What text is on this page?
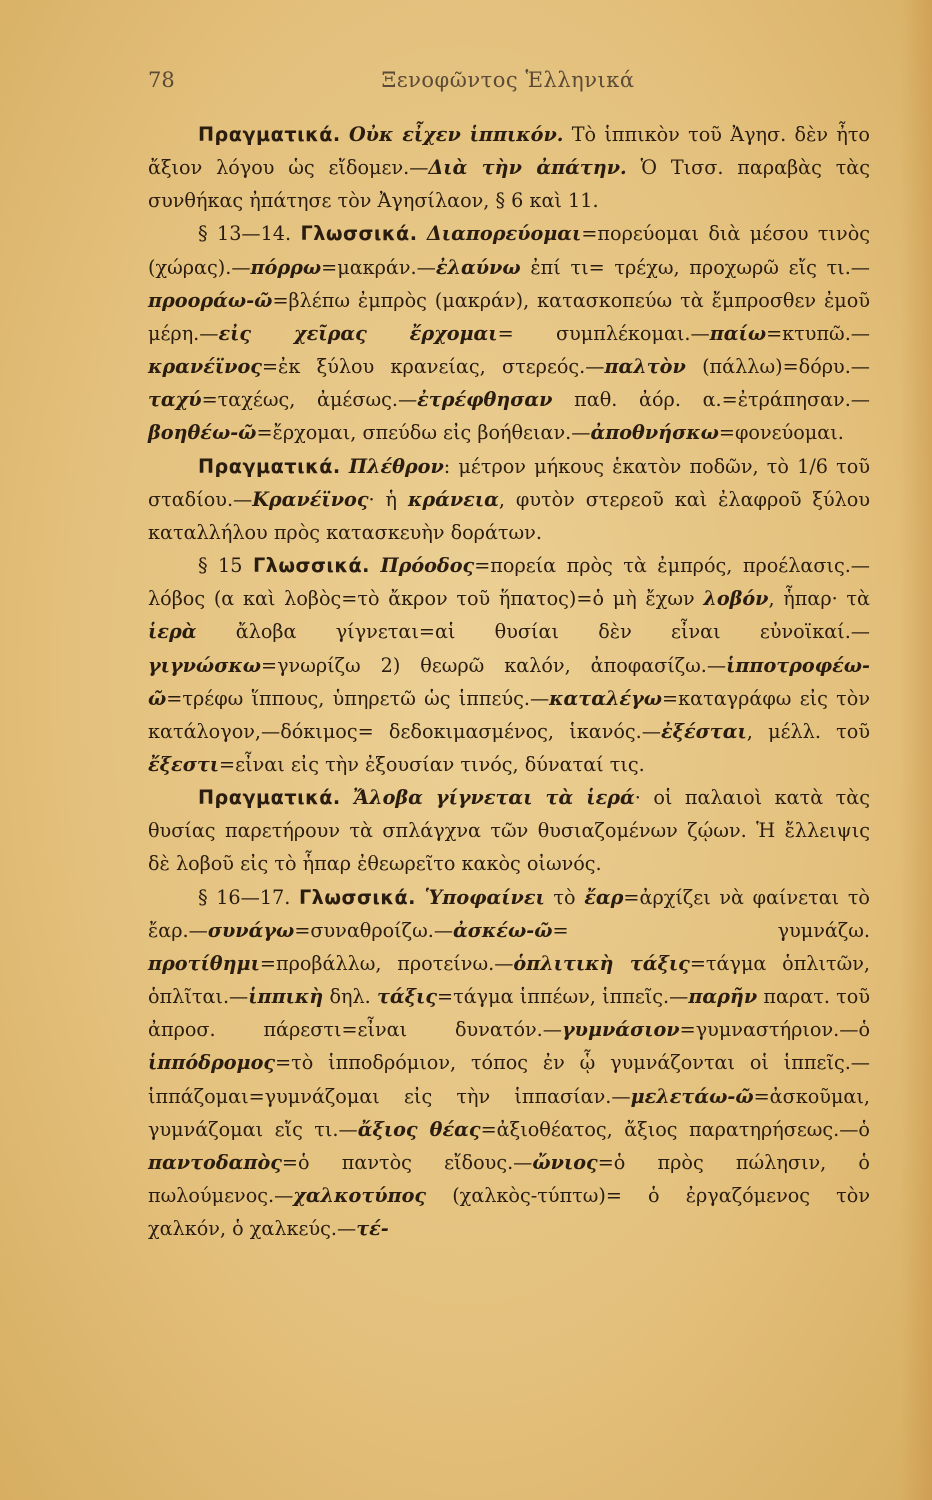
78	Ξενοφῶντος Ἑλληνικά

Πραγματικά. Οὐκ εἶχεν ἱππικόν. Τὸ ἱππικὸν τοῦ Ἀγησ. δὲν ἦτο ἄξιον λόγου ὡς εἴδομεν.—Διὰ τὴν ἀπάτην. Ὁ Τισσ. παραβὰς τὰς συνθήκας ἠπάτησε τὸν Ἀγησίλαον, § 6 καὶ 11.

§ 13—14. Γλωσσικά. Διαπορεύομαι=πορεύομαι διὰ μέσου τινὸς (χώρας).—πόρρω=μακράν.—ἐλαύνω ἐπί τι= τρέχω, προχωρῶ εἴς τι.—προοράω-ῶ=βλέπω ἐμπρὸς (μακράν), κατασκοπεύω τὰ ἔμπροσθεν ἐμοῦ μέρη.—εἰς χεῖρας ἔρχομαι= συμπλέκομαι.—παίω=κτυπῶ.—κρανέϊνος=ἐκ ξύλου κρανείας, στερεός.—παλτὸν (πάλλω)=δόρυ.—ταχύ=ταχέως, ἀμέσως.—ἐτρέφθησαν παθ. ἀόρ. α.=ἐτράπησαν.—βοηθέω-ῶ=ἔρχομαι, σπεύδω εἰς βοήθειαν.—ἀποθνήσκω=φονεύομαι.

Πραγματικά. Πλέθρον: μέτρον μήκους ἑκατὸν ποδῶν, τὸ 1/6 τοῦ σταδίου.—Κρανέϊνος· ἡ κράνεια, φυτὸν στερεοῦ καὶ ἐλαφροῦ ξύλου καταλλήλου πρὸς κατασκευὴν δοράτων.

§ 15 Γλωσσικά. Πρόοδος=πορεία πρὸς τὰ ἐμπρός, προέλασις.—λόβος (α καὶ λοβὸς=τὸ ἄκρον τοῦ ἥπατος)=ὁ μὴ ἔχων λοβόν, ἧπαρ· τὰ ἱερὰ ἄλοβα γίγνεται=αἱ θυσίαι δὲν εἶναι εὐνοϊκαί.—γιγνώσκω=γνωρίζω 2) θεωρῶ καλόν, ἀποφασίζω.—ἱπποτροφέω-ῶ=τρέφω ἵππους, ὑπηρετῶ ὡς ἱππεύς.—καταλέγω=καταγράφω εἰς τὸν κατάλογον,—δόκιμος= δεδοκιμασμένος, ἱκανός.—ἐξέσται, μέλλ. τοῦ ἔξεστι=εἶναι εἰς τὴν ἐξουσίαν τινός, δύναταί τις.

Πραγματικά. Ἄλοβα γίγνεται τὰ ἱερά· οἱ παλαιοὶ κατὰ τὰς θυσίας παρετήρουν τὰ σπλάγχνα τῶν θυσιαζομένων ζῴων. Ἡ ἔλλειψις δὲ λοβοῦ εἰς τὸ ἧπαρ ἐθεωρεῖτο κακὸς οἰωνός.

§ 16—17. Γλωσσικά. Ὑποφαίνει τὸ ἔαρ=ἀρχίζει νὰ φαίνεται τὸ ἔαρ.—συνάγω=συναθροίζω.—ἀσκέω-ῶ= γυμνάζω. προτίθημι=προβάλλω, προτείνω.—ὁπλιτικὴ τάξις=τάγμα ὁπλιτῶν, ὁπλῖται.—ἱππικὴ δηλ. τάξις=τάγμα ἱππέων, ἱππεῖς.—παρῆν παρατ. τοῦ ἀπροσ. πάρεστι=εἶναι δυνατόν.—γυμνάσιον=γυμναστήριον.—ὁ ἱππόδρομος=τὸ ἱπποδρόμιον, τόπος ἐν ᾧ γυμνάζονται οἱ ἱππεῖς.—ἱππάζομαι=γυμνάζομαι εἰς τὴν ἱππασίαν.—μελετάω-ῶ=ἀσκοῦμαι, γυμνάζομαι εἴς τι.—ἄξιος θέας=ἀξιοθέατος, ἄξιος παρατηρήσεως.—ὁ παντοδαπὸς=ὁ παντὸς εἴδους.—ὤνιος=ὁ πρὸς πώλησιν, ὁ πωλούμενος.—χαλκοτύπος (χαλκὸς-τύπτω)= ὁ ἐργαζόμενος τὸν χαλκόν, ὁ χαλκεύς.—τέ-
